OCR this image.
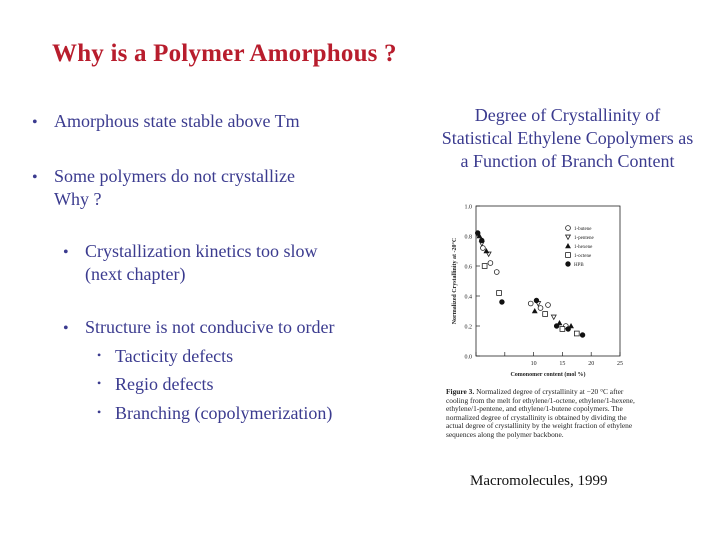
Why is a Polymer Amorphous ?
• Amorphous state stable above Tm
• Some polymers do not crystallize
Why ?
• Crystallization kinetics too slow
(next chapter)
• Structure is not conducive to order
• Tacticity defects
• Regio defects
• Branching (copolymerization)
Degree of Crystallinity of
Statistical Ethylene Copolymers as
a Function of Branch Content
0.0
0.2
0.4
0.6
0.8
1.0
10	15	20	25
Comonomer content (mol %)
Normalized Crystallinity at -20°C
1-butene
1-pentene
1-hexene
1-octene
HPB
Figure 3. Normalized degree of crystallinity at −20 °C after
cooling from the melt for ethylene/1-octene, ethylene/1-hexene,
ethylene/1-pentene, and ethylene/1-butene copolymers. The
normalized degree of crystallinity is obtained by dividing the
actual degree of crystallinity by the weight fraction of ethylene
sequences along the polymer backbone.
Macromolecules, 1999
